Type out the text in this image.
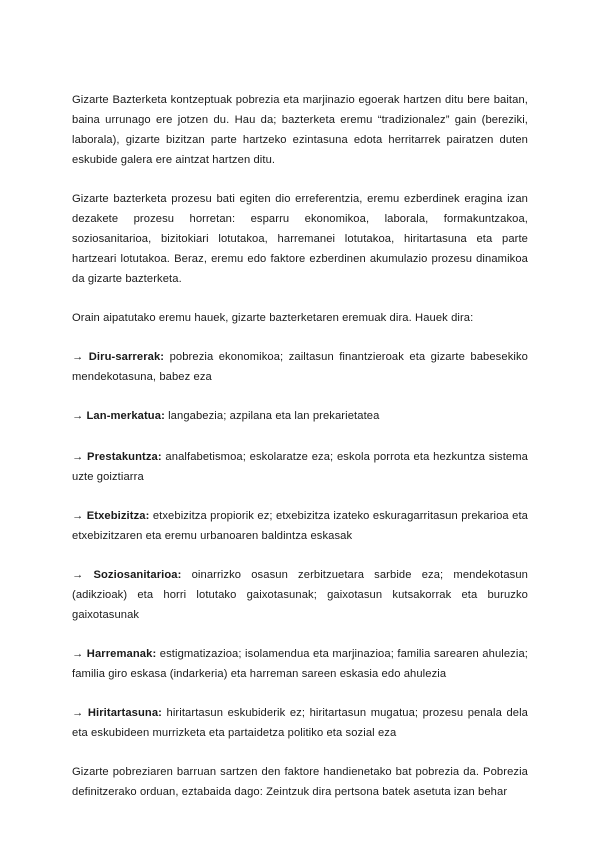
Gizarte Bazterketa kontzeptuak pobrezia eta marjinazio egoerak hartzen ditu bere baitan, baina urrunago ere jotzen du. Hau da; bazterketa eremu “tradizionalez” gain (bereziki, laborala), gizarte bizitzan parte hartzeko ezintasuna edota herritarrek pairatzen duten eskubide galera ere aintzat hartzen ditu.

Gizarte bazterketa prozesu bati egiten dio erreferentzia, eremu ezberdinek eragina izan dezakete prozesu horretan: esparru ekonomikoa, laborala, formakuntzakoa, soziosanitarioa, bizitokiari lotutakoa, harremanei lotutakoa, hiritartasuna eta parte hartzeari lotutakoa. Beraz, eremu edo faktore ezberdinen akumulazio prozesu dinamikoa da gizarte bazterketa.

Orain aipatutako eremu hauek, gizarte bazterketaren eremuak dira. Hauek dira:

→ Diru-sarrerak: pobrezia ekonomikoa; zailtasun finantzieroak eta gizarte babesekiko mendekotasuna, babez eza

→ Lan-merkatua: langabezia; azpilana eta lan prekarietatea

→ Prestakuntza: analfabetismoa; eskolaratze eza; eskola porrota eta hezkuntza sistema uzte goiztiarra

→ Etxebizitza: etxebizitza propiorik ez; etxebizitza izateko eskuragarritasun prekarioa eta etxebizitzaren eta eremu urbanoaren baldintza eskasak

→ Soziosanitarioa: oinarrizko osasun zerbitzuetara sarbide eza; mendekotasun (adikzioak) eta horri lotutako gaixotasunak; gaixotasun kutsakorrak eta buruzko gaixotasunak

→ Harremanak: estigmatizazioa; isolamendua eta marjinazioa; familia sarearen ahulezia; familia giro eskasa (indarkeria) eta harreman sareen eskasia edo ahulezia

→ Hiritartasuna: hiritartasun eskubiderik ez; hiritartasun mugatua; prozesu penala dela eta eskubideen murrizketa eta partaidetza politiko eta sozial eza

Gizarte pobreziaren barruan sartzen den faktore handienetako bat pobrezia da. Pobrezia definitzerako orduan, eztabaida dago: Zeintzuk dira pertsona batek asetuta izan behar
